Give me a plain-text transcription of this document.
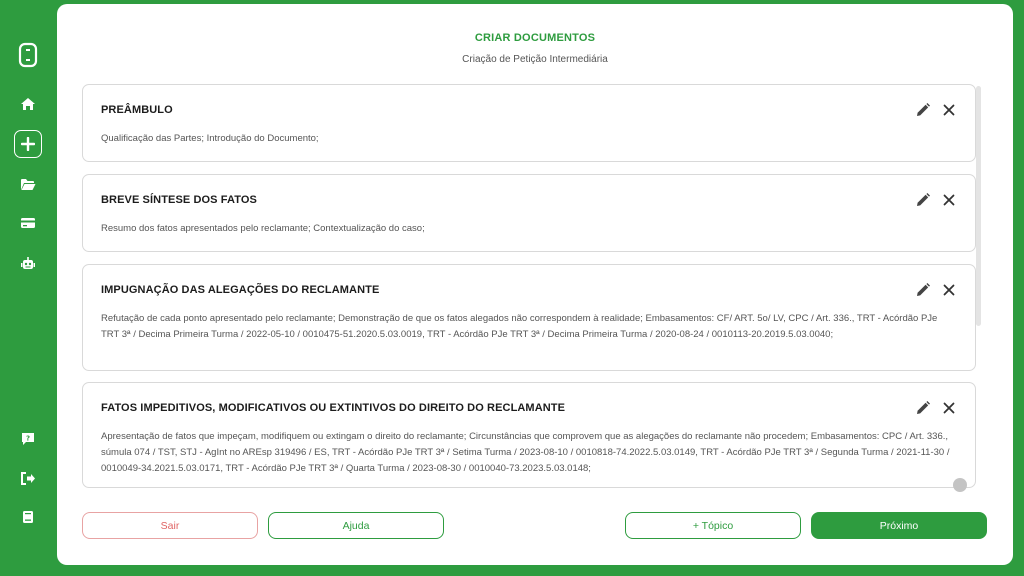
?
CRIAR DOCUMENTOS
Criação de Petição Intermediária
PREÂMBULO
Qualificação das Partes; Introdução do Documento;
BREVE SÍNTESE DOS FATOS
Resumo dos fatos apresentados pelo reclamante; Contextualização do caso;
IMPUGNAÇÃO DAS ALEGAÇÕES DO RECLAMANTE
Refutação de cada ponto apresentado pelo reclamante; Demonstração de que os fatos alegados não correspondem à realidade; Embasamentos: CF/ ART. 5o/ LV, CPC / Art. 336., TRT - Acórdão PJe TRT 3ª / Decima Primeira Turma / 2022-05-10 / 0010475-51.2020.5.03.0019, TRT - Acórdão PJe TRT 3ª / Decima Primeira Turma / 2020-08-24 / 0010113-20.2019.5.03.0040;
FATOS IMPEDITIVOS, MODIFICATIVOS OU EXTINTIVOS DO DIREITO DO RECLAMANTE
Apresentação de fatos que impeçam, modifiquem ou extingam o direito do reclamante; Circunstâncias que comprovem que as alegações do reclamante não procedem; Embasamentos: CPC / Art. 336., súmula 074 / TST, STJ - AgInt no AREsp 319496 / ES, TRT - Acórdão PJe TRT 3ª / Setima Turma / 2023-08-10 / 0010818-74.2022.5.03.0149, TRT - Acórdão PJe TRT 3ª / Segunda Turma / 2021-11-30 / 0010049-34.2021.5.03.0171, TRT - Acórdão PJe TRT 3ª / Quarta Turma / 2023-08-30 / 0010040-73.2023.5.03.0148;
Sair	Ajuda	+ Tópico	Próximo
